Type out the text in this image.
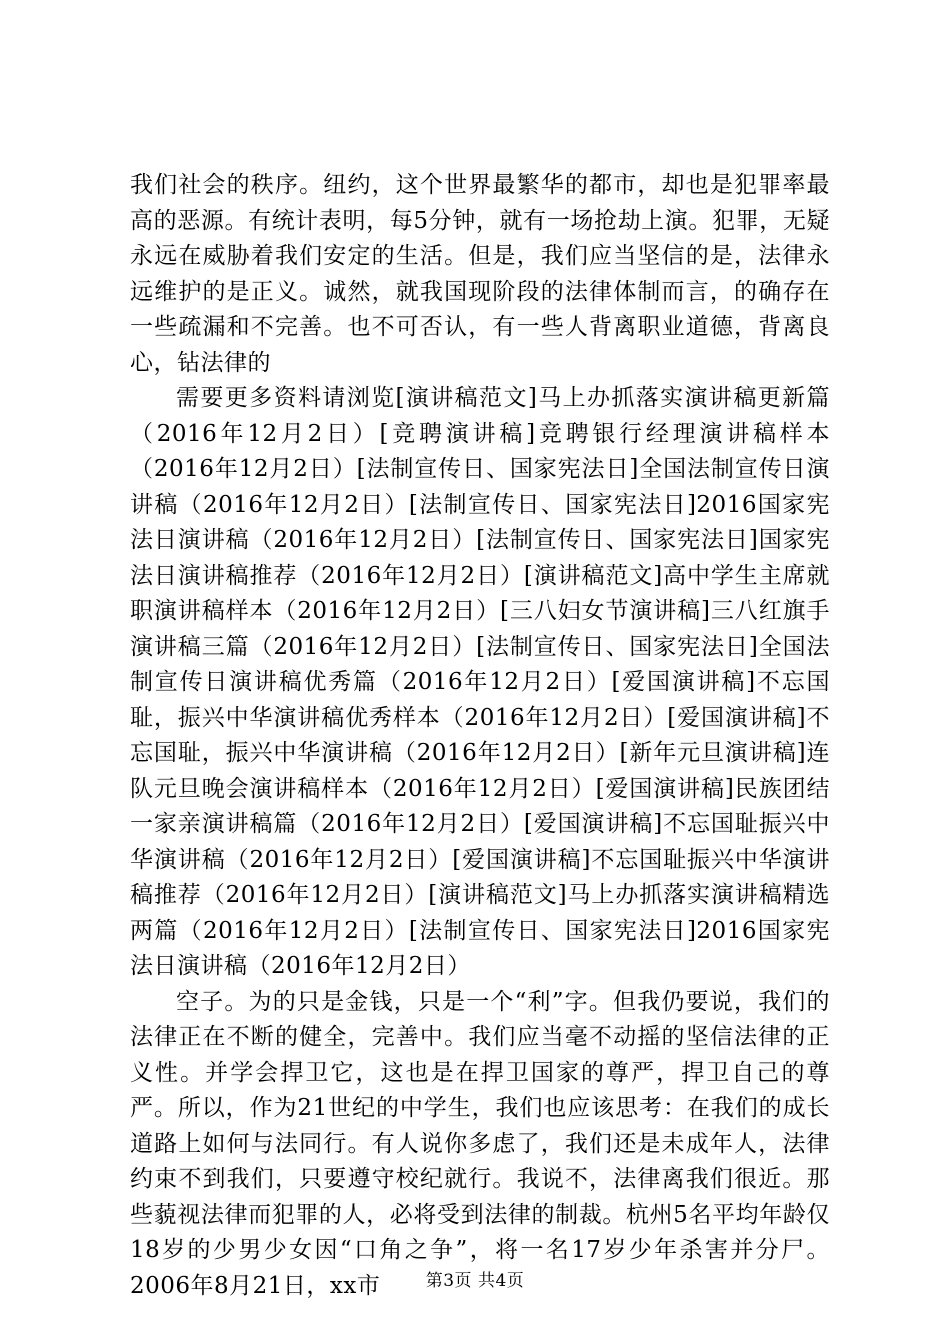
我们社会的秩序。纽约，这个世界最繁华的都市，却也是犯罪率最高的恶源。有统计表明，每5分钟，就有一场抢劫上演。犯罪，无疑永远在威胁着我们安定的生活。但是，我们应当坚信的是，法律永远维护的是正义。诚然，就我国现阶段的法律体制而言，的确存在一些疏漏和不完善。也不可否认，有一些人背离职业道德，背离良心，钻法律的

需要更多资料请浏览[演讲稿范文]马上办抓落实演讲稿更新篇（2016年12月2日）[竞聘演讲稿]竞聘银行经理演讲稿样本（2016年12月2日）[法制宣传日、国家宪法日]全国法制宣传日演讲稿（2016年12月2日）[法制宣传日、国家宪法日]2016国家宪法日演讲稿（2016年12月2日）[法制宣传日、国家宪法日]国家宪法日演讲稿推荐（2016年12月2日）[演讲稿范文]高中学生主席就职演讲稿样本（2016年12月2日）[三八妇女节演讲稿]三八红旗手演讲稿三篇（2016年12月2日）[法制宣传日、国家宪法日]全国法制宣传日演讲稿优秀篇（2016年12月2日）[爱国演讲稿]不忘国耻，振兴中华演讲稿优秀样本（2016年12月2日）[爱国演讲稿]不忘国耻，振兴中华演讲稿（2016年12月2日）[新年元旦演讲稿]连队元旦晚会演讲稿样本（2016年12月2日）[爱国演讲稿]民族团结一家亲演讲稿篇（2016年12月2日）[爱国演讲稿]不忘国耻振兴中华演讲稿（2016年12月2日）[爱国演讲稿]不忘国耻振兴中华演讲稿推荐（2016年12月2日）[演讲稿范文]马上办抓落实演讲稿精选两篇（2016年12月2日）[法制宣传日、国家宪法日]2016国家宪法日演讲稿（2016年12月2日）

空子。为的只是金钱，只是一个“利”字。但我仍要说，我们的法律正在不断的健全，完善中。我们应当毫不动摇的坚信法律的正义性。并学会捍卫它，这也是在捍卫国家的尊严，捍卫自己的尊严。所以，作为21世纪的中学生，我们也应该思考：在我们的成长道路上如何与法同行。有人说你多虑了，我们还是未成年人，法律约束不到我们，只要遵守校纪就行。我说不，法律离我们很近。那些藐视法律而犯罪的人，必将受到法律的制裁。杭州5名平均年龄仅18岁的少男少女因“口角之争”，将一名17岁少年杀害并分尸。2006年8月21日，xx市	第3页 共4页
